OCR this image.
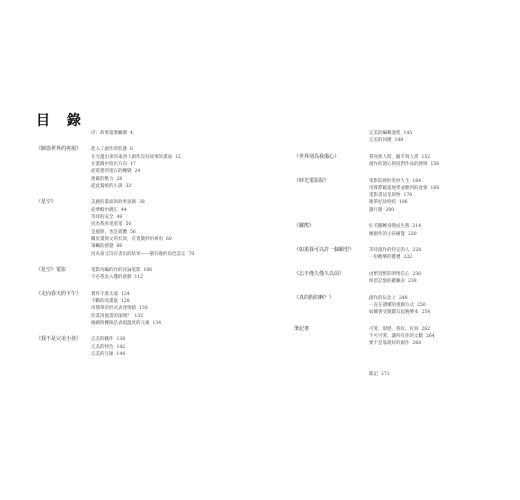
目 錄
序：故事還要繼續 4
《駭盜世界的再現》 進入了創作的狀態 6
在光邊出來的東西上創作沒有故事的畫面 12
在畫圖中找出方向 17
從電建到電在的轉變 24
連載的壓力 28
從此獨被的小說 32
《星空》	美麗的畫面與故事氛圍 38
從夢醒中跳汇 44
等待的安全 48
因為我看電電電 50
是風閒，也是就體 56
關於畫與文的有效，有著微妙的專用 60
筆觸的感覺 66
因為東又沒有書出的結果——個有趣的角色設定 70
《星空》電影	電影改編的作的評論電影 106
不必我求入懂的感動 112
《走向春天的下午》 實作不會太遠 124
不斷的改畫量 128
用簡單的形式表達情緒 130
你書清風書的深理？ 132
綠圖與轉換是表現溫度的元素 134
《我不是完美小孩》 完美的職作 138
完美的特色 142
完美的互匯 144
完美的編輯過程 145
完美的回饋 148
《世界別為我傷心》	帶亮無人問，隨手寫入愛 152
創作的譜心與居對作品的感情 156
《時光電影院》	電影院裡的奇妙人生 164
用實際範超展愛並歡到的意象 168
電影書法是與物 176
簡單紀故終結 186
謝行動 200
《躍熊》	紅毛鵝轉身變成生熊 214
繪創作的小孩痛覺 220
《如果我可以許一個願望》	等待創作的特定的人 228
一份歡樂的寶禮 232
《忘不僅久僅久以前》	由繁到繁的明增信心 236
保留記憶的鍵繼表 238
《真的假的啊？》	創作的玩北上 248
一直在讀懂的重圖方式 250
如關著受簡劇勾起晚樂本 254
筆記書	可愛、甜戀、我好、好寫 262
不可可愛，讓所有你的文數 264
要不是靠就好的創作 268
跋記 271
